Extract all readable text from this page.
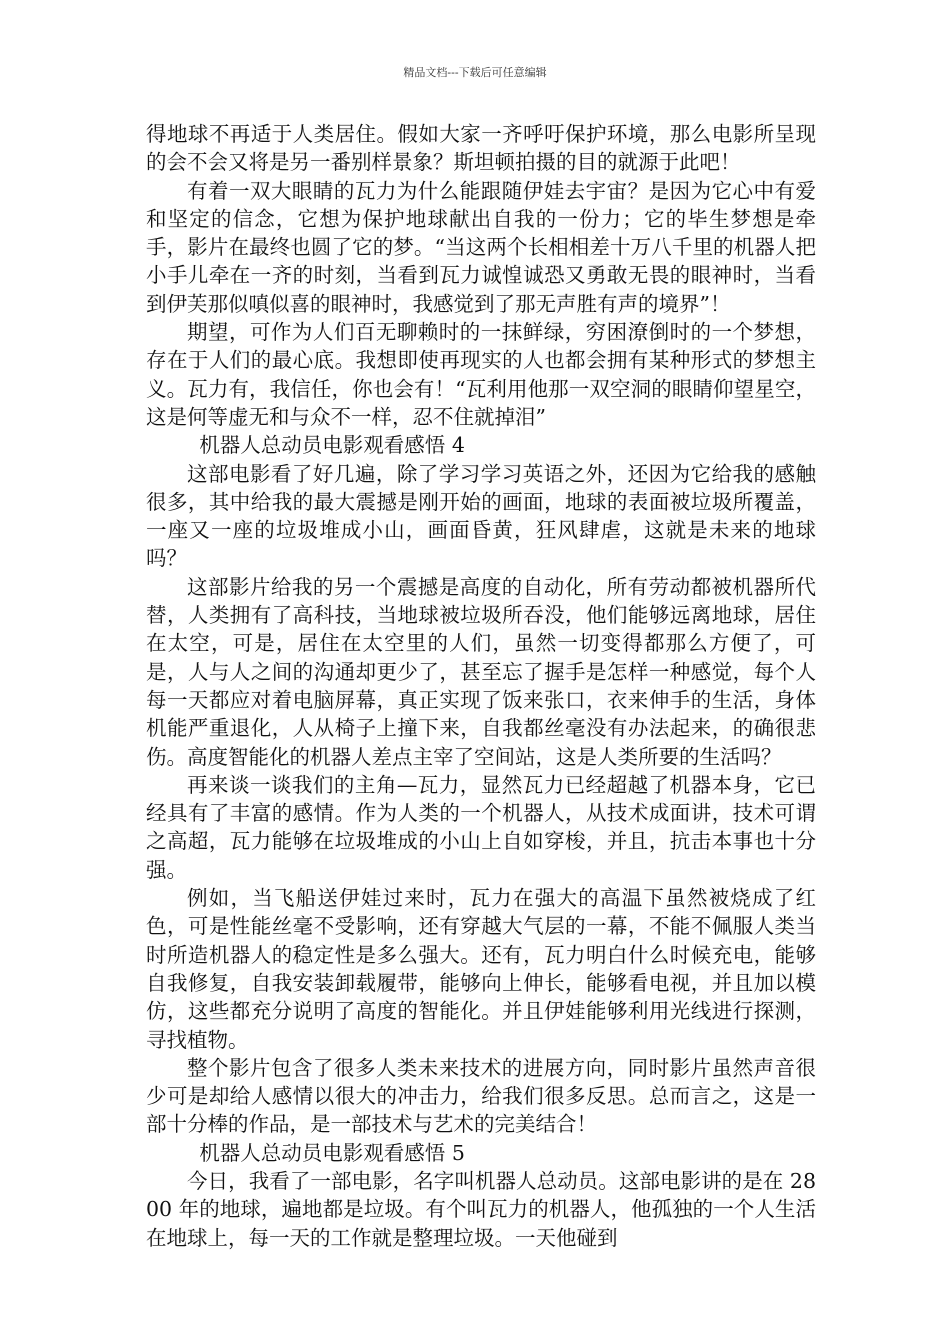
精品文档---下载后可任意编辑

得地球不再适于人类居住。假如大家一齐呼吁保护环境，那么电影所呈现的会不会又将是另一番别样景象？斯坦顿拍摄的目的就源于此吧！

有着一双大眼睛的瓦力为什么能跟随伊娃去宇宙？是因为它心中有爱和坚定的信念，它想为保护地球献出自我的一份力；它的毕生梦想是牵手，影片在最终也圆了它的梦。“当这两个长相相差十万八千里的机器人把小手儿牵在一齐的时刻，当看到瓦力诚惶诚恐又勇敢无畏的眼神时，当看到伊芙那似嗔似喜的眼神时，我感觉到了那无声胜有声的境界”！

期望，可作为人们百无聊赖时的一抹鲜绿，穷困潦倒时的一个梦想，存在于人们的最心底。我想即使再现实的人也都会拥有某种形式的梦想主义。瓦力有，我信任，你也会有！“瓦利用他那一双空洞的眼睛仰望星空，这是何等虚无和与众不一样，忍不住就掉泪”

机器人总动员电影观看感悟 4

这部电影看了好几遍，除了学习学习英语之外，还因为它给我的感触很多，其中给我的最大震撼是刚开始的画面，地球的表面被垃圾所覆盖，一座又一座的垃圾堆成小山，画面昏黄，狂风肆虐，这就是未来的地球吗？

这部影片给我的另一个震撼是高度的自动化，所有劳动都被机器所代替，人类拥有了高科技，当地球被垃圾所吞没，他们能够远离地球，居住在太空，可是，居住在太空里的人们，虽然一切变得都那么方便了，可是，人与人之间的沟通却更少了，甚至忘了握手是怎样一种感觉，每个人每一天都应对着电脑屏幕，真正实现了饭来张口，衣来伸手的生活，身体机能严重退化，人从椅子上撞下来，自我都丝毫没有办法起来，的确很悲伤。高度智能化的机器人差点主宰了空间站，这是人类所要的生活吗？

再来谈一谈我们的主角—瓦力，显然瓦力已经超越了机器本身，它已经具有了丰富的感情。作为人类的一个机器人，从技术成面讲，技术可谓之高超，瓦力能够在垃圾堆成的小山上自如穿梭，并且，抗击本事也十分强。

例如，当飞船送伊娃过来时，瓦力在强大的高温下虽然被烧成了红色，可是性能丝毫不受影响，还有穿越大气层的一幕，不能不佩服人类当时所造机器人的稳定性是多么强大。还有，瓦力明白什么时候充电，能够自我修复，自我安装卸载履带，能够向上伸长，能够看电视，并且加以模仿，这些都充分说明了高度的智能化。并且伊娃能够利用光线进行探测，寻找植物。

整个影片包含了很多人类未来技术的进展方向，同时影片虽然声音很少可是却给人感情以很大的冲击力，给我们很多反思。总而言之，这是一部十分棒的作品，是一部技术与艺术的完美结合！

机器人总动员电影观看感悟 5

今日，我看了一部电影，名字叫机器人总动员。这部电影讲的是在 2800 年的地球，遍地都是垃圾。有个叫瓦力的机器人，他孤独的一个人生活在地球上，每一天的工作就是整理垃圾。一天他碰到
